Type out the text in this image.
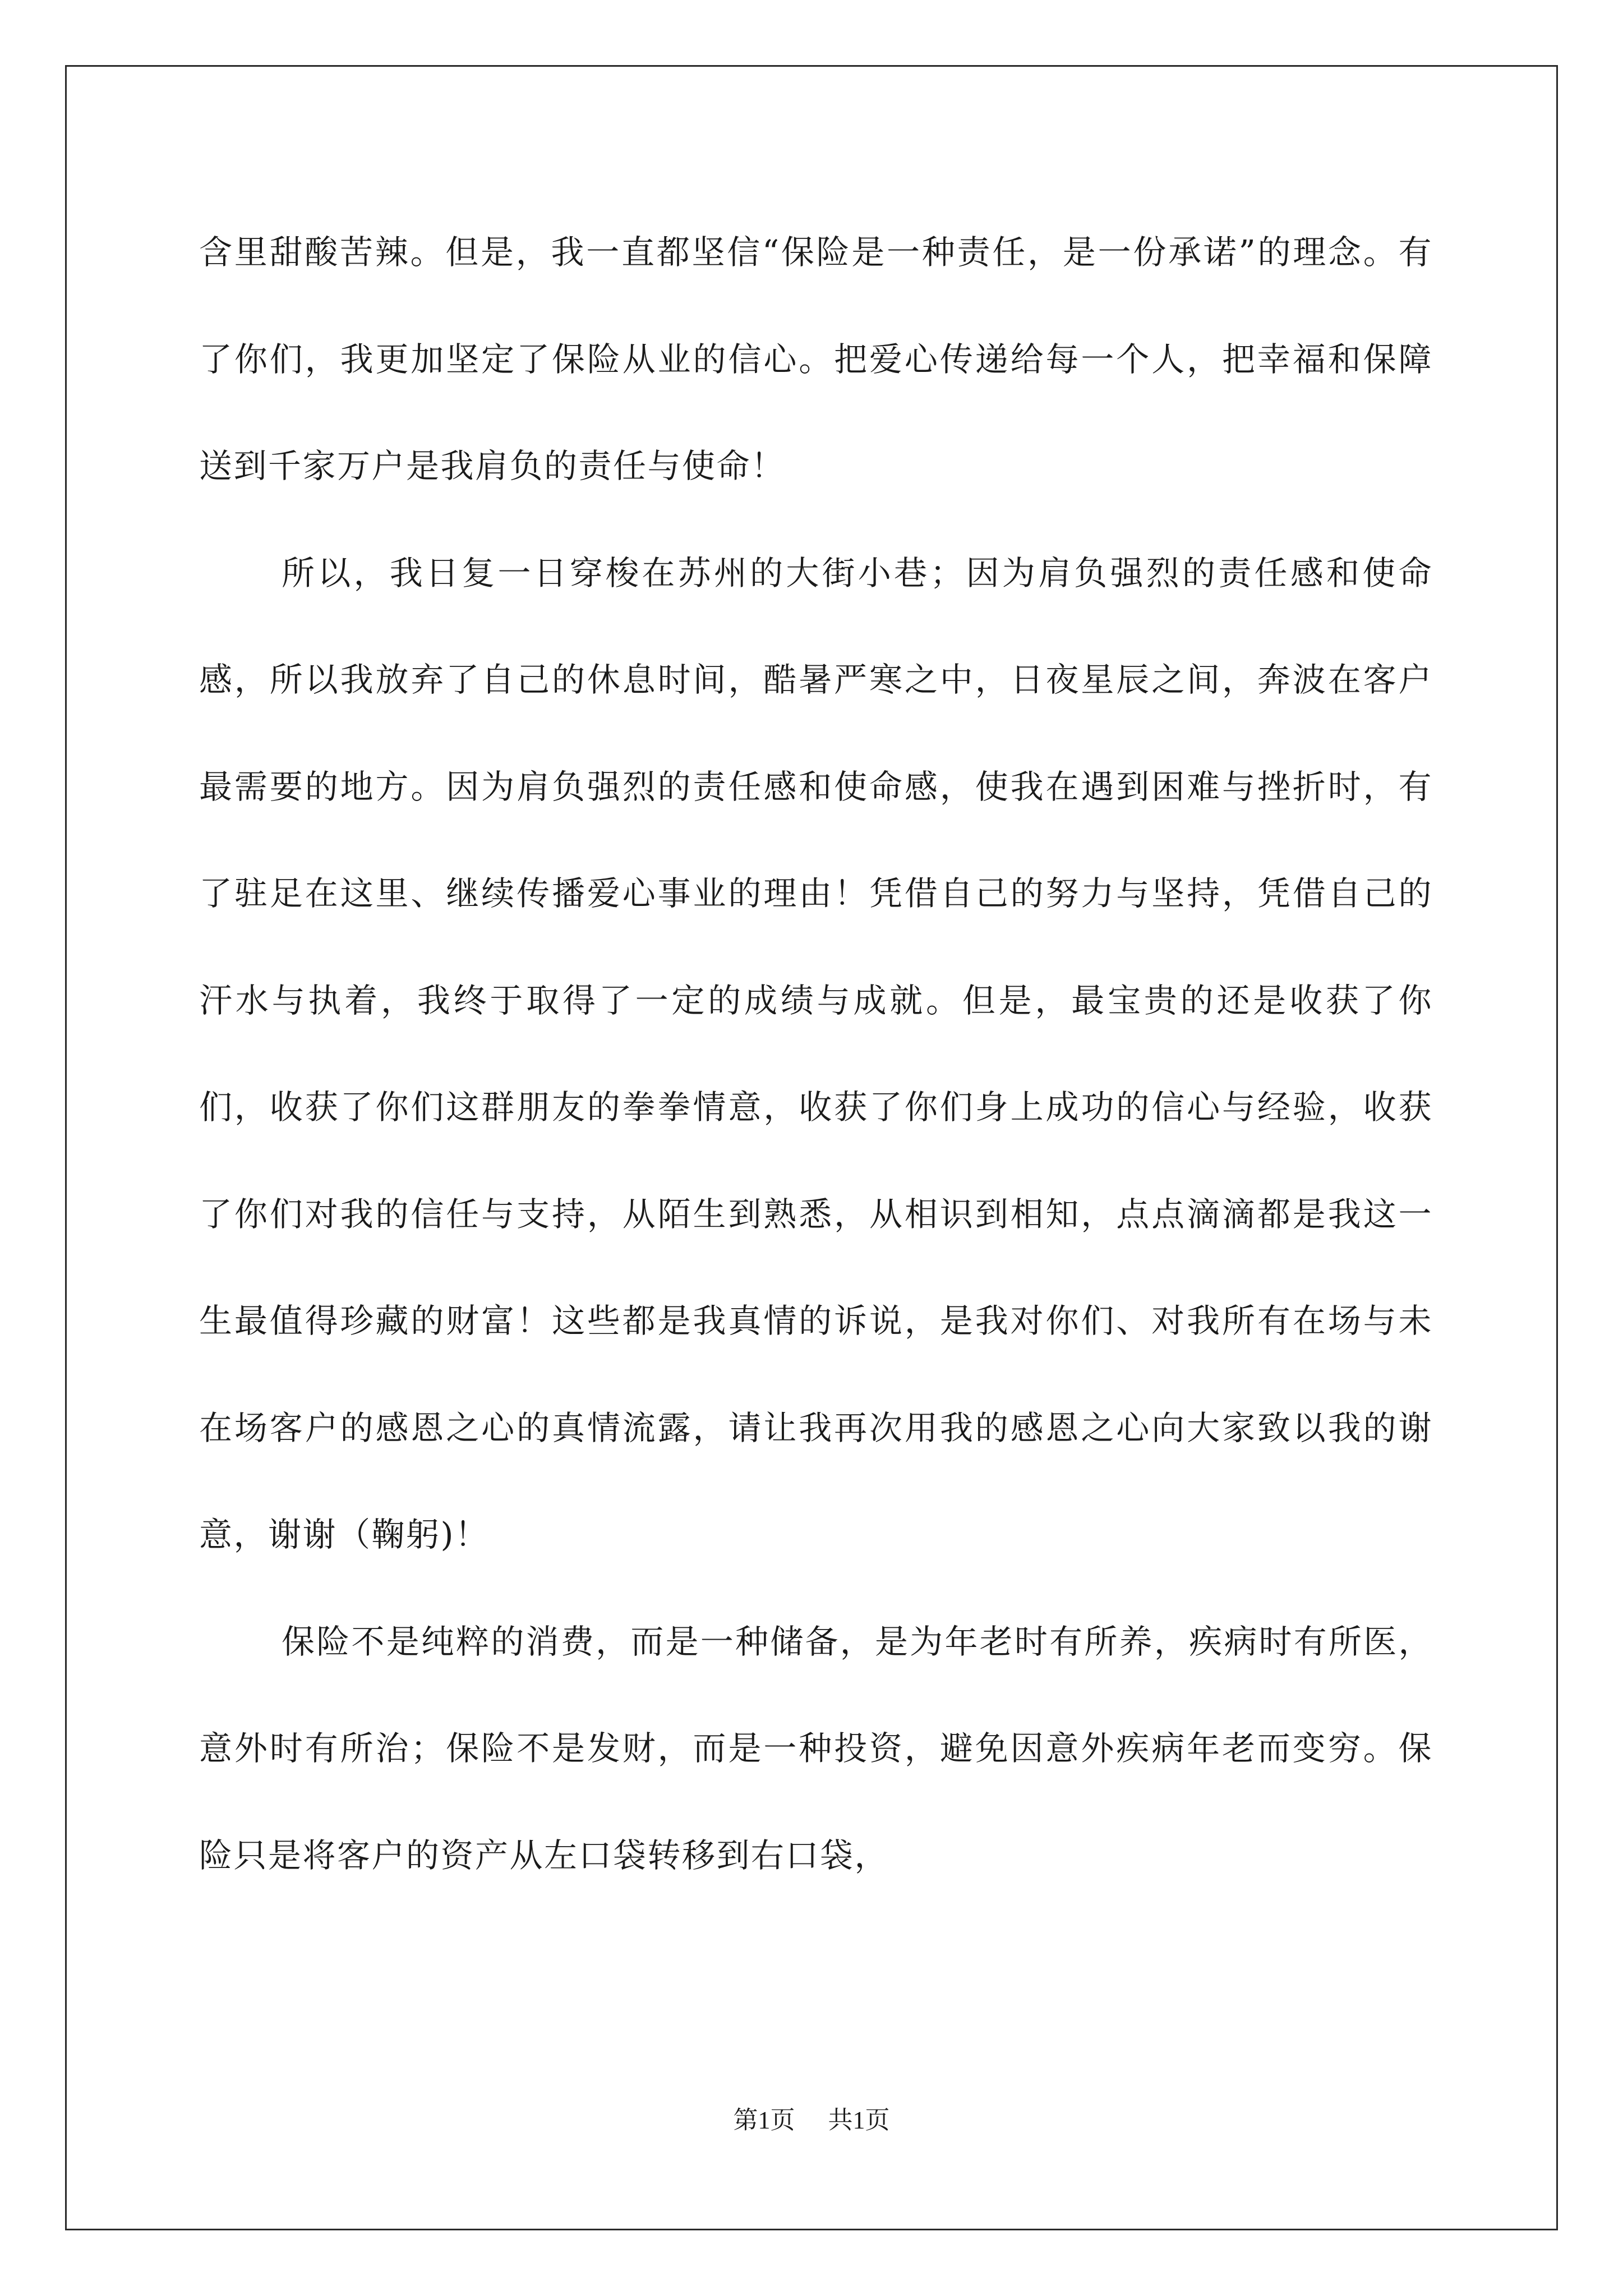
含里甜酸苦辣。但是，我一直都坚信“保险是一种责任，是一份承诺”的理念。有了你们，我更加坚定了保险从业的信心。把爱心传递给每一个人，把幸福和保障送到千家万户是我肩负的责任与使命！

所以，我日复一日穿梭在苏州的大街小巷；因为肩负强烈的责任感和使命感，所以我放弃了自己的休息时间，酷暑严寒之中，日夜星辰之间，奔波在客户最需要的地方。因为肩负强烈的责任感和使命感，使我在遇到困难与挫折时，有了驻足在这里、继续传播爱心事业的理由！凭借自己的努力与坚持，凭借自己的汗水与执着，我终于取得了一定的成绩与成就。但是，最宝贵的还是收获了你们，收获了你们这群朋友的拳拳情意，收获了你们身上成功的信心与经验，收获了你们对我的信任与支持，从陌生到熟悉，从相识到相知，点点滴滴都是我这一生最值得珍藏的财富！这些都是我真情的诉说，是我对你们、对我所有在场与未在场客户的感恩之心的真情流露，请让我再次用我的感恩之心向大家致以我的谢意，谢谢（鞠躬)！

保险不是纯粹的消费，而是一种储备，是为年老时有所养，疾病时有所医，意外时有所治；保险不是发财，而是一种投资，避免因意外疾病年老而变穷。保险只是将客户的资产从左口袋转移到右口袋，

第1页 共1页
